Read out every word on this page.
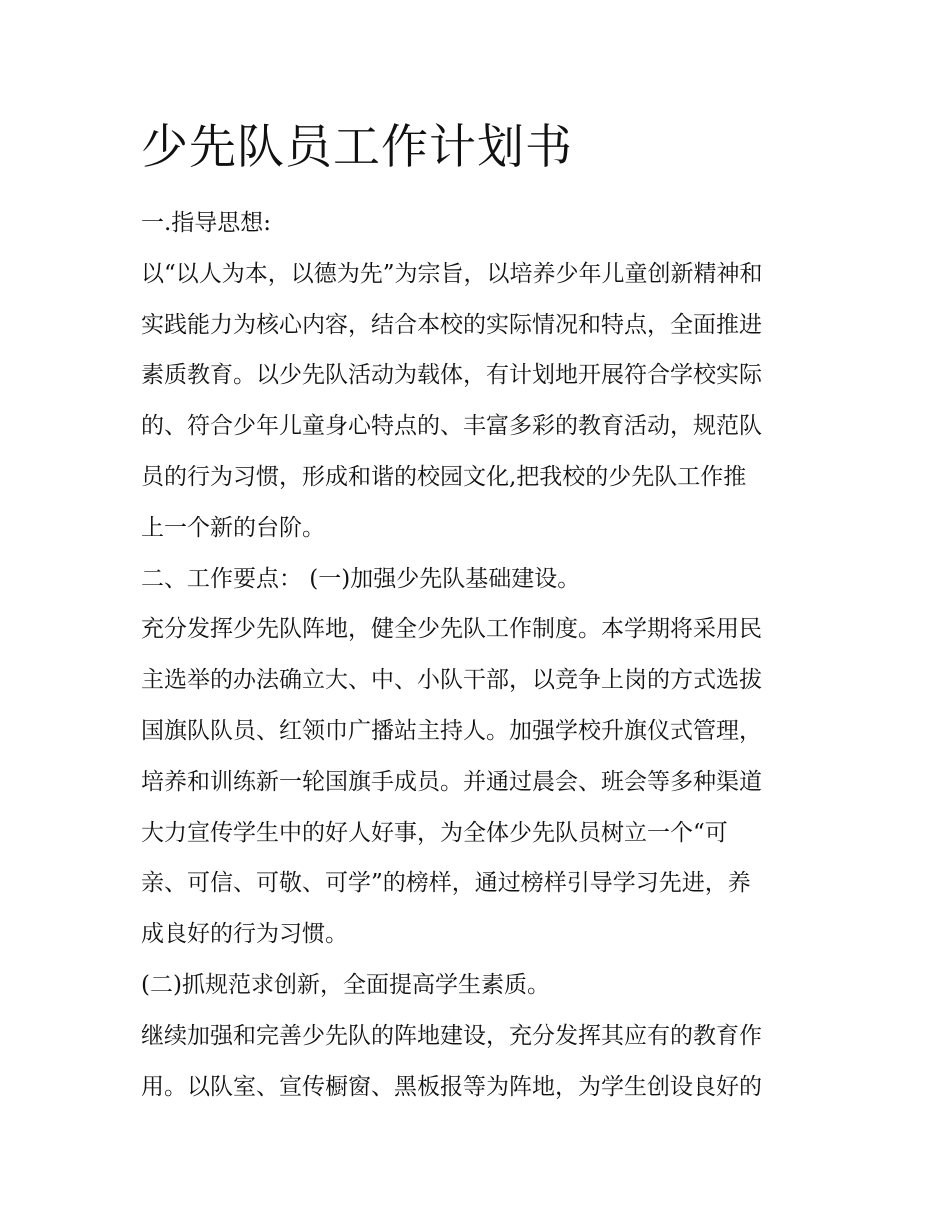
少先队员工作计划书
一.指导思想:
以“以人为本，以德为先”为宗旨，以培养少年儿童创新精神和
实践能力为核心内容，结合本校的实际情况和特点，全面推进
素质教育。以少先队活动为载体，有计划地开展符合学校实际
的、符合少年儿童身心特点的、丰富多彩的教育活动，规范队
员的行为习惯，形成和谐的校园文化,把我校的少先队工作推
上一个新的台阶。
二、工作要点： (一)加强少先队基础建设。
充分发挥少先队阵地，健全少先队工作制度。本学期将采用民
主选举的办法确立大、中、小队干部，以竞争上岗的方式选拔
国旗队队员、红领巾广播站主持人。加强学校升旗仪式管理，
培养和训练新一轮国旗手成员。并通过晨会、班会等多种渠道
大力宣传学生中的好人好事，为全体少先队员树立一个“可
亲、可信、可敬、可学”的榜样，通过榜样引导学习先进，养
成良好的行为习惯。
(二)抓规范求创新，全面提高学生素质。
继续加强和完善少先队的阵地建设，充分发挥其应有的教育作
用。以队室、宣传橱窗、黑板报等为阵地，为学生创设良好的
